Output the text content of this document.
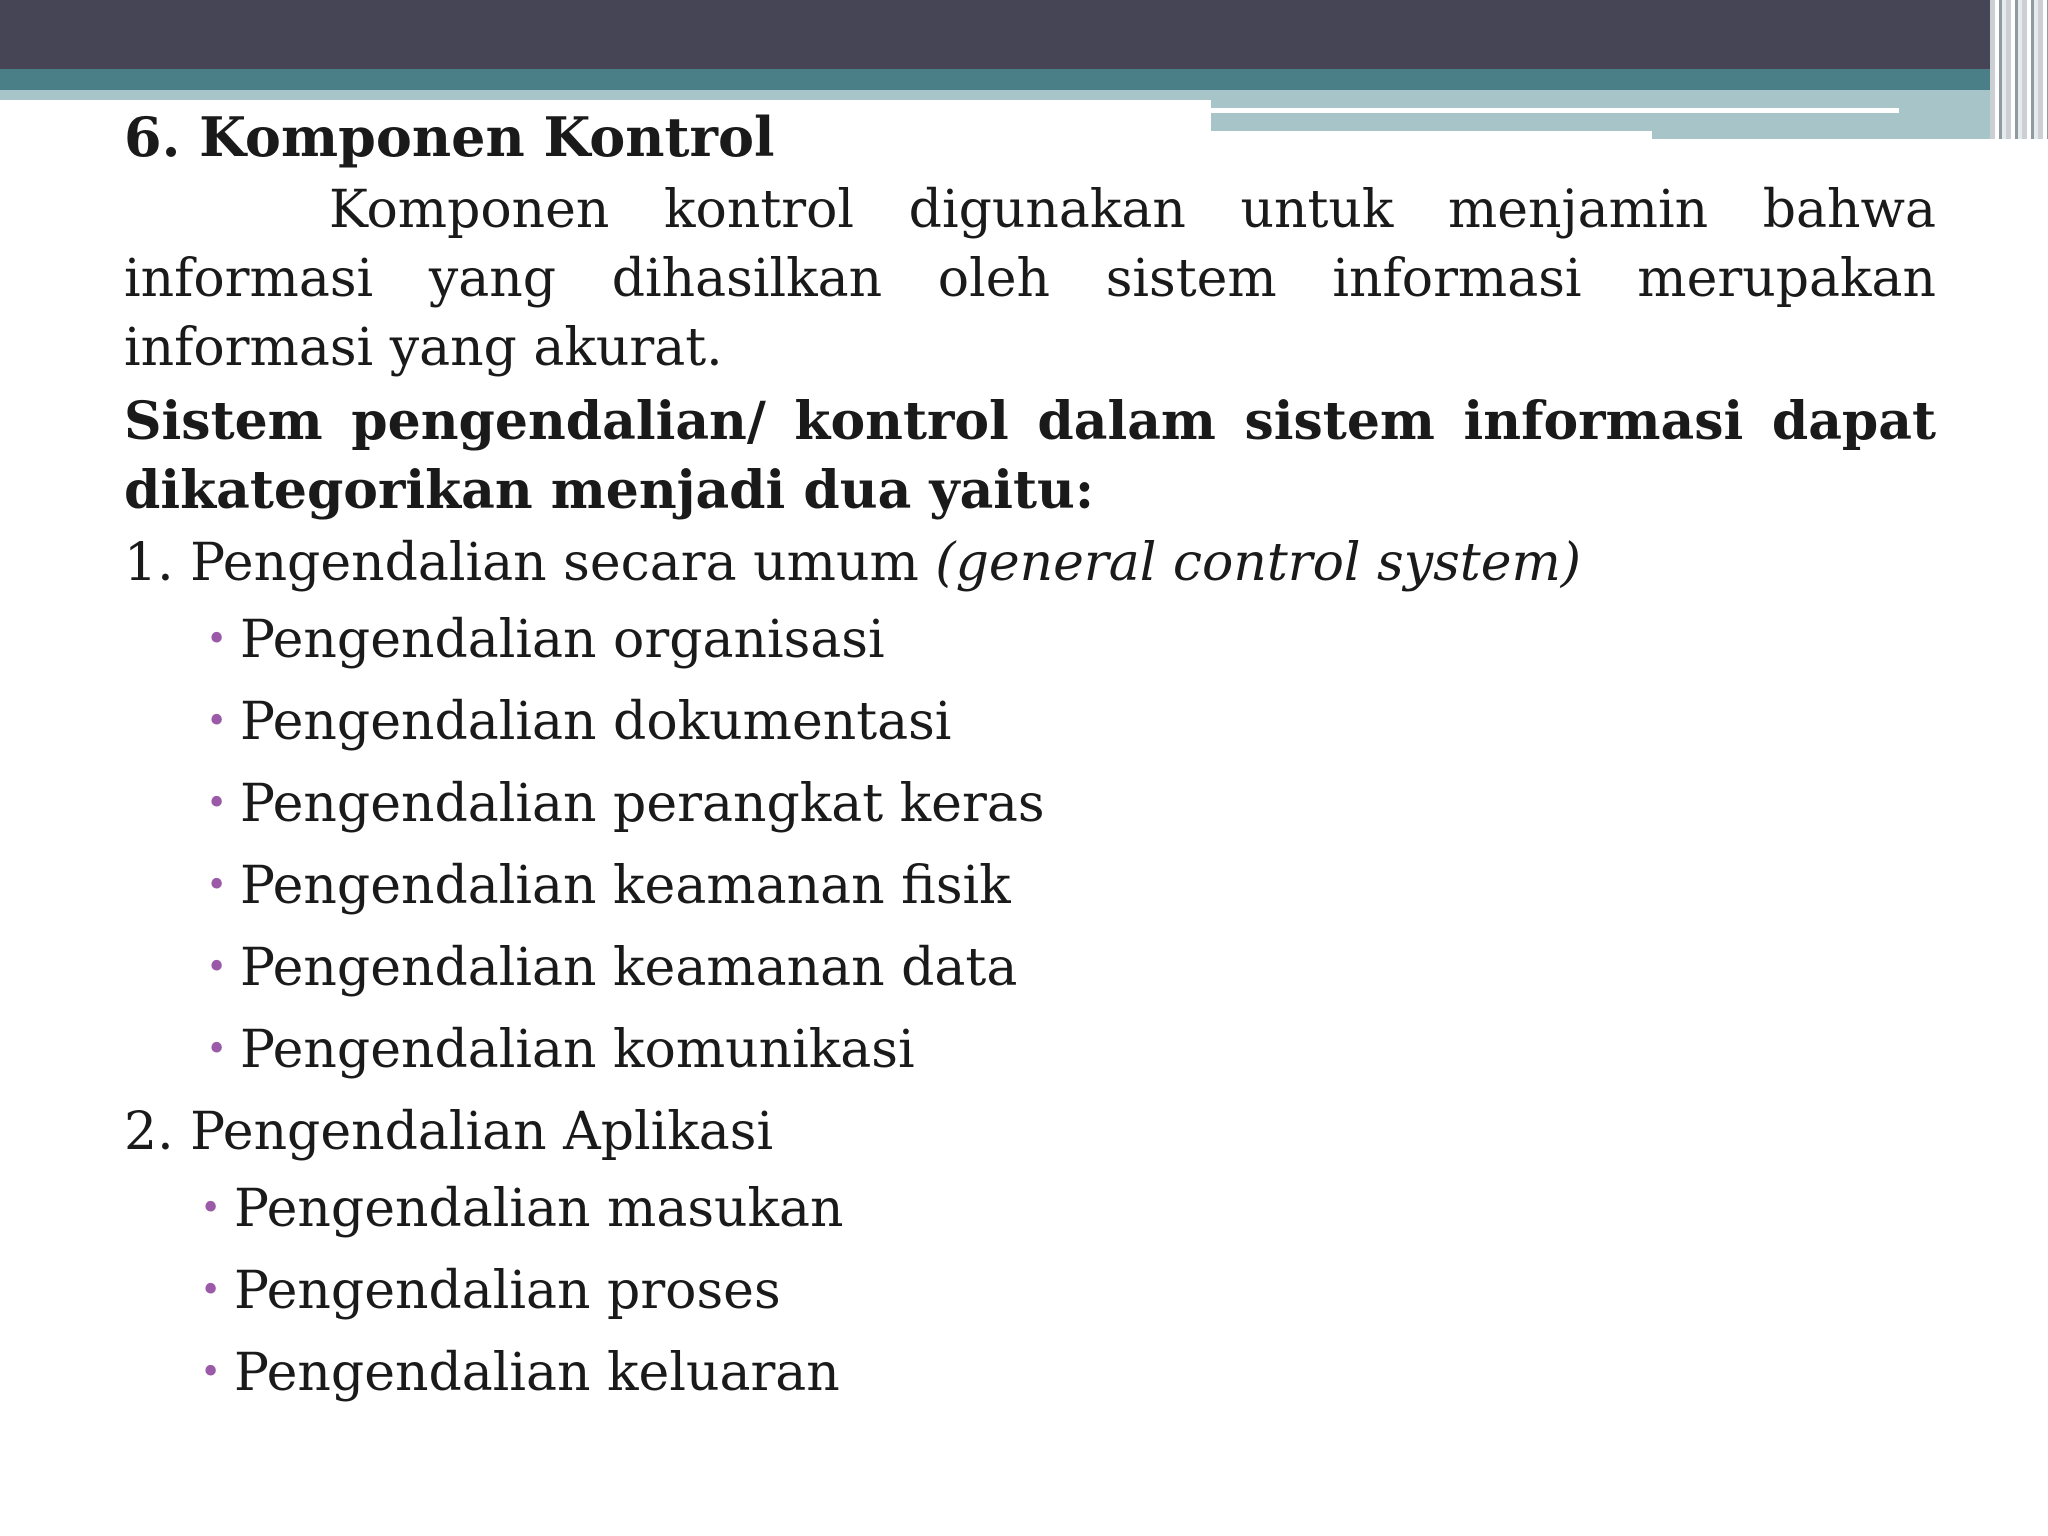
6. Komponen Kontrol

Komponen kontrol digunakan untuk menjamin bahwa informasi yang dihasilkan oleh sistem informasi merupakan informasi yang akurat.

Sistem pengendalian/ kontrol dalam sistem informasi dapat dikategorikan menjadi dua yaitu:

1. Pengendalian secara umum (general control system)

• Pengendalian organisasi
• Pengendalian dokumentasi
• Pengendalian perangkat keras
• Pengendalian keamanan fisik
• Pengendalian keamanan data
• Pengendalian komunikasi

2. Pengendalian Aplikasi

• Pengendalian masukan
• Pengendalian proses
• Pengendalian keluaran
